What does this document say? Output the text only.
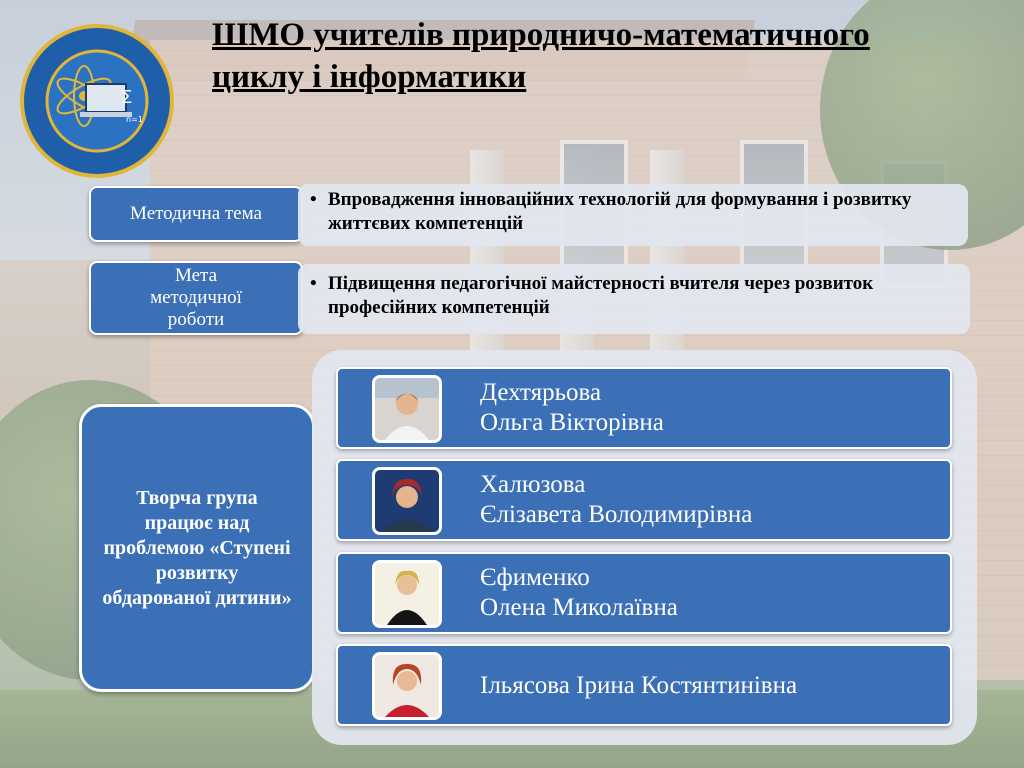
Σ
n=1
ШМО учителів природничо-математичного циклу і інформатики
Методична тема
• Впровадження інноваційних технологій для формування і розвитку життєвих компетенцій
Мета
методичної
роботи
• Підвищення педагогічної майстерності вчителя через розвиток професійних компетенцій
Творча група працює над проблемою «Ступені розвитку обдарованої дитини»
Дехтярьова
Ольга Вікторівна
Халюзова
Єлізавета Володимирівна
Єфименко
Олена Миколаївна
Ільясова Ірина Костянтинівна
